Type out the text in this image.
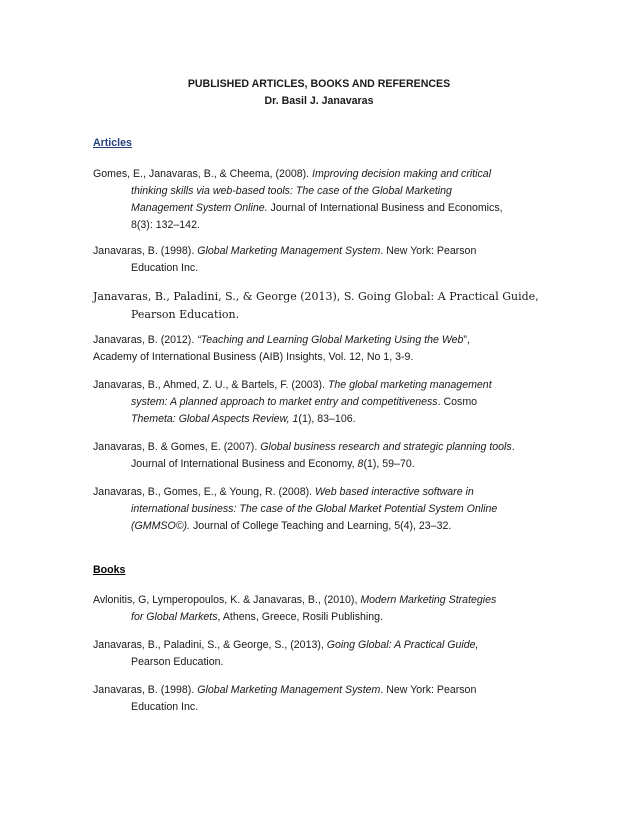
PUBLISHED ARTICLES, BOOKS AND REFERENCES
Dr. Basil J. Janavaras
Articles
Gomes, E., Janavaras, B., & Cheema, (2008). Improving decision making and critical
thinking skills via web-based tools: The case of the Global Marketing
Management System Online. Journal of International Business and Economics,
8(3): 132–142.
Janavaras, B. (1998). Global Marketing Management System. New York: Pearson
Education Inc.
Janavaras, B., Paladini, S., & George (2013), S. Going Global: A Practical Guide,
Pearson Education.
Janavaras, B. (2012). “Teaching and Learning Global Marketing Using the Web”,
Academy of International Business (AIB) Insights, Vol. 12, No 1, 3-9.
Janavaras, B., Ahmed, Z. U., & Bartels, F. (2003). The global marketing management
system: A planned approach to market entry and competitiveness. Cosmo
Themeta: Global Aspects Review, 1(1), 83–106.
Janavaras, B. & Gomes, E. (2007). Global business research and strategic planning tools.
Journal of International Business and Economy, 8(1), 59–70.
Janavaras, B., Gomes, E., & Young, R. (2008). Web based interactive software in
international business: The case of the Global Market Potential System Online
(GMMSO©). Journal of College Teaching and Learning, 5(4), 23–32.
Books
Avlonitis, G, Lymperopoulos, K. & Janavaras, B., (2010), Modern Marketing Strategies
for Global Markets, Athens, Greece, Rosili Publishing.
Janavaras, B., Paladini, S., & George, S., (2013), Going Global: A Practical Guide,
Pearson Education.
Janavaras, B. (1998). Global Marketing Management System. New York: Pearson
Education Inc.
